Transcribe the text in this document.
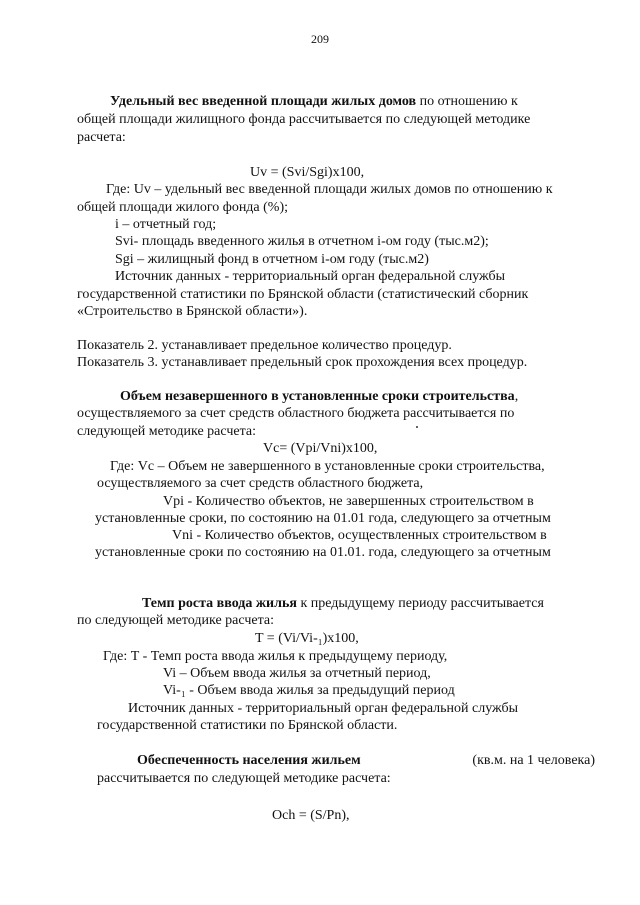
209
Удельный вес введенной площади жилых домов по отношению к
общей площади жилищного фонда рассчитывается по следующей методике
расчета:
Uv = (Svi/Sgi)x100,
Где: Uv – удельный вес введенной площади жилых домов по отношению к
общей площади жилого фонда (%);
i – отчетный год;
Svi- площадь введенного жилья в отчетном i-ом году (тыс.м2);
Sgi – жилищный фонд в отчетном i-ом году (тыс.м2)
Источник данных - территориальный орган федеральной службы
государственной статистики по Брянской области (статистический сборник
«Строительство в Брянской области»).
Показатель 2. устанавливает предельное количество процедур.
Показатель 3. устанавливает предельный срок прохождения всех процедур.
Объем незавершенного в установленные сроки строительства,
осуществляемого за счет средств областного бюджета рассчитывается по
следующей методике расчета:
Vc= (Vpi/Vni)x100,
Где: Vc – Объем не завершенного в установленные сроки строительства,
осуществляемого за счет средств областного бюджета,
Vpi - Количество объектов, не завершенных строительством в
установленные сроки, по состоянию на 01.01 года, следующего за отчетным
Vni - Количество объектов, осуществленных строительством в
установленные сроки по состоянию на 01.01. года, следующего за отчетным
Темп роста ввода жилья к предыдущему периоду рассчитывается
по следующей методике расчета:
T = (Vi/Vi-₁)x100,
Где: T - Темп роста ввода жилья к предыдущему периоду,
Vi – Объем ввода жилья за отчетный период,
Vi-₁ - Объем ввода жилья за предыдущий период
Источник данных - территориальный орган федеральной службы
государственной статистики по Брянской области.
Обеспеченность населения жильем	(кв.м. на 1 человека)
рассчитывается по следующей методике расчета:
Och = (S/Pn),
